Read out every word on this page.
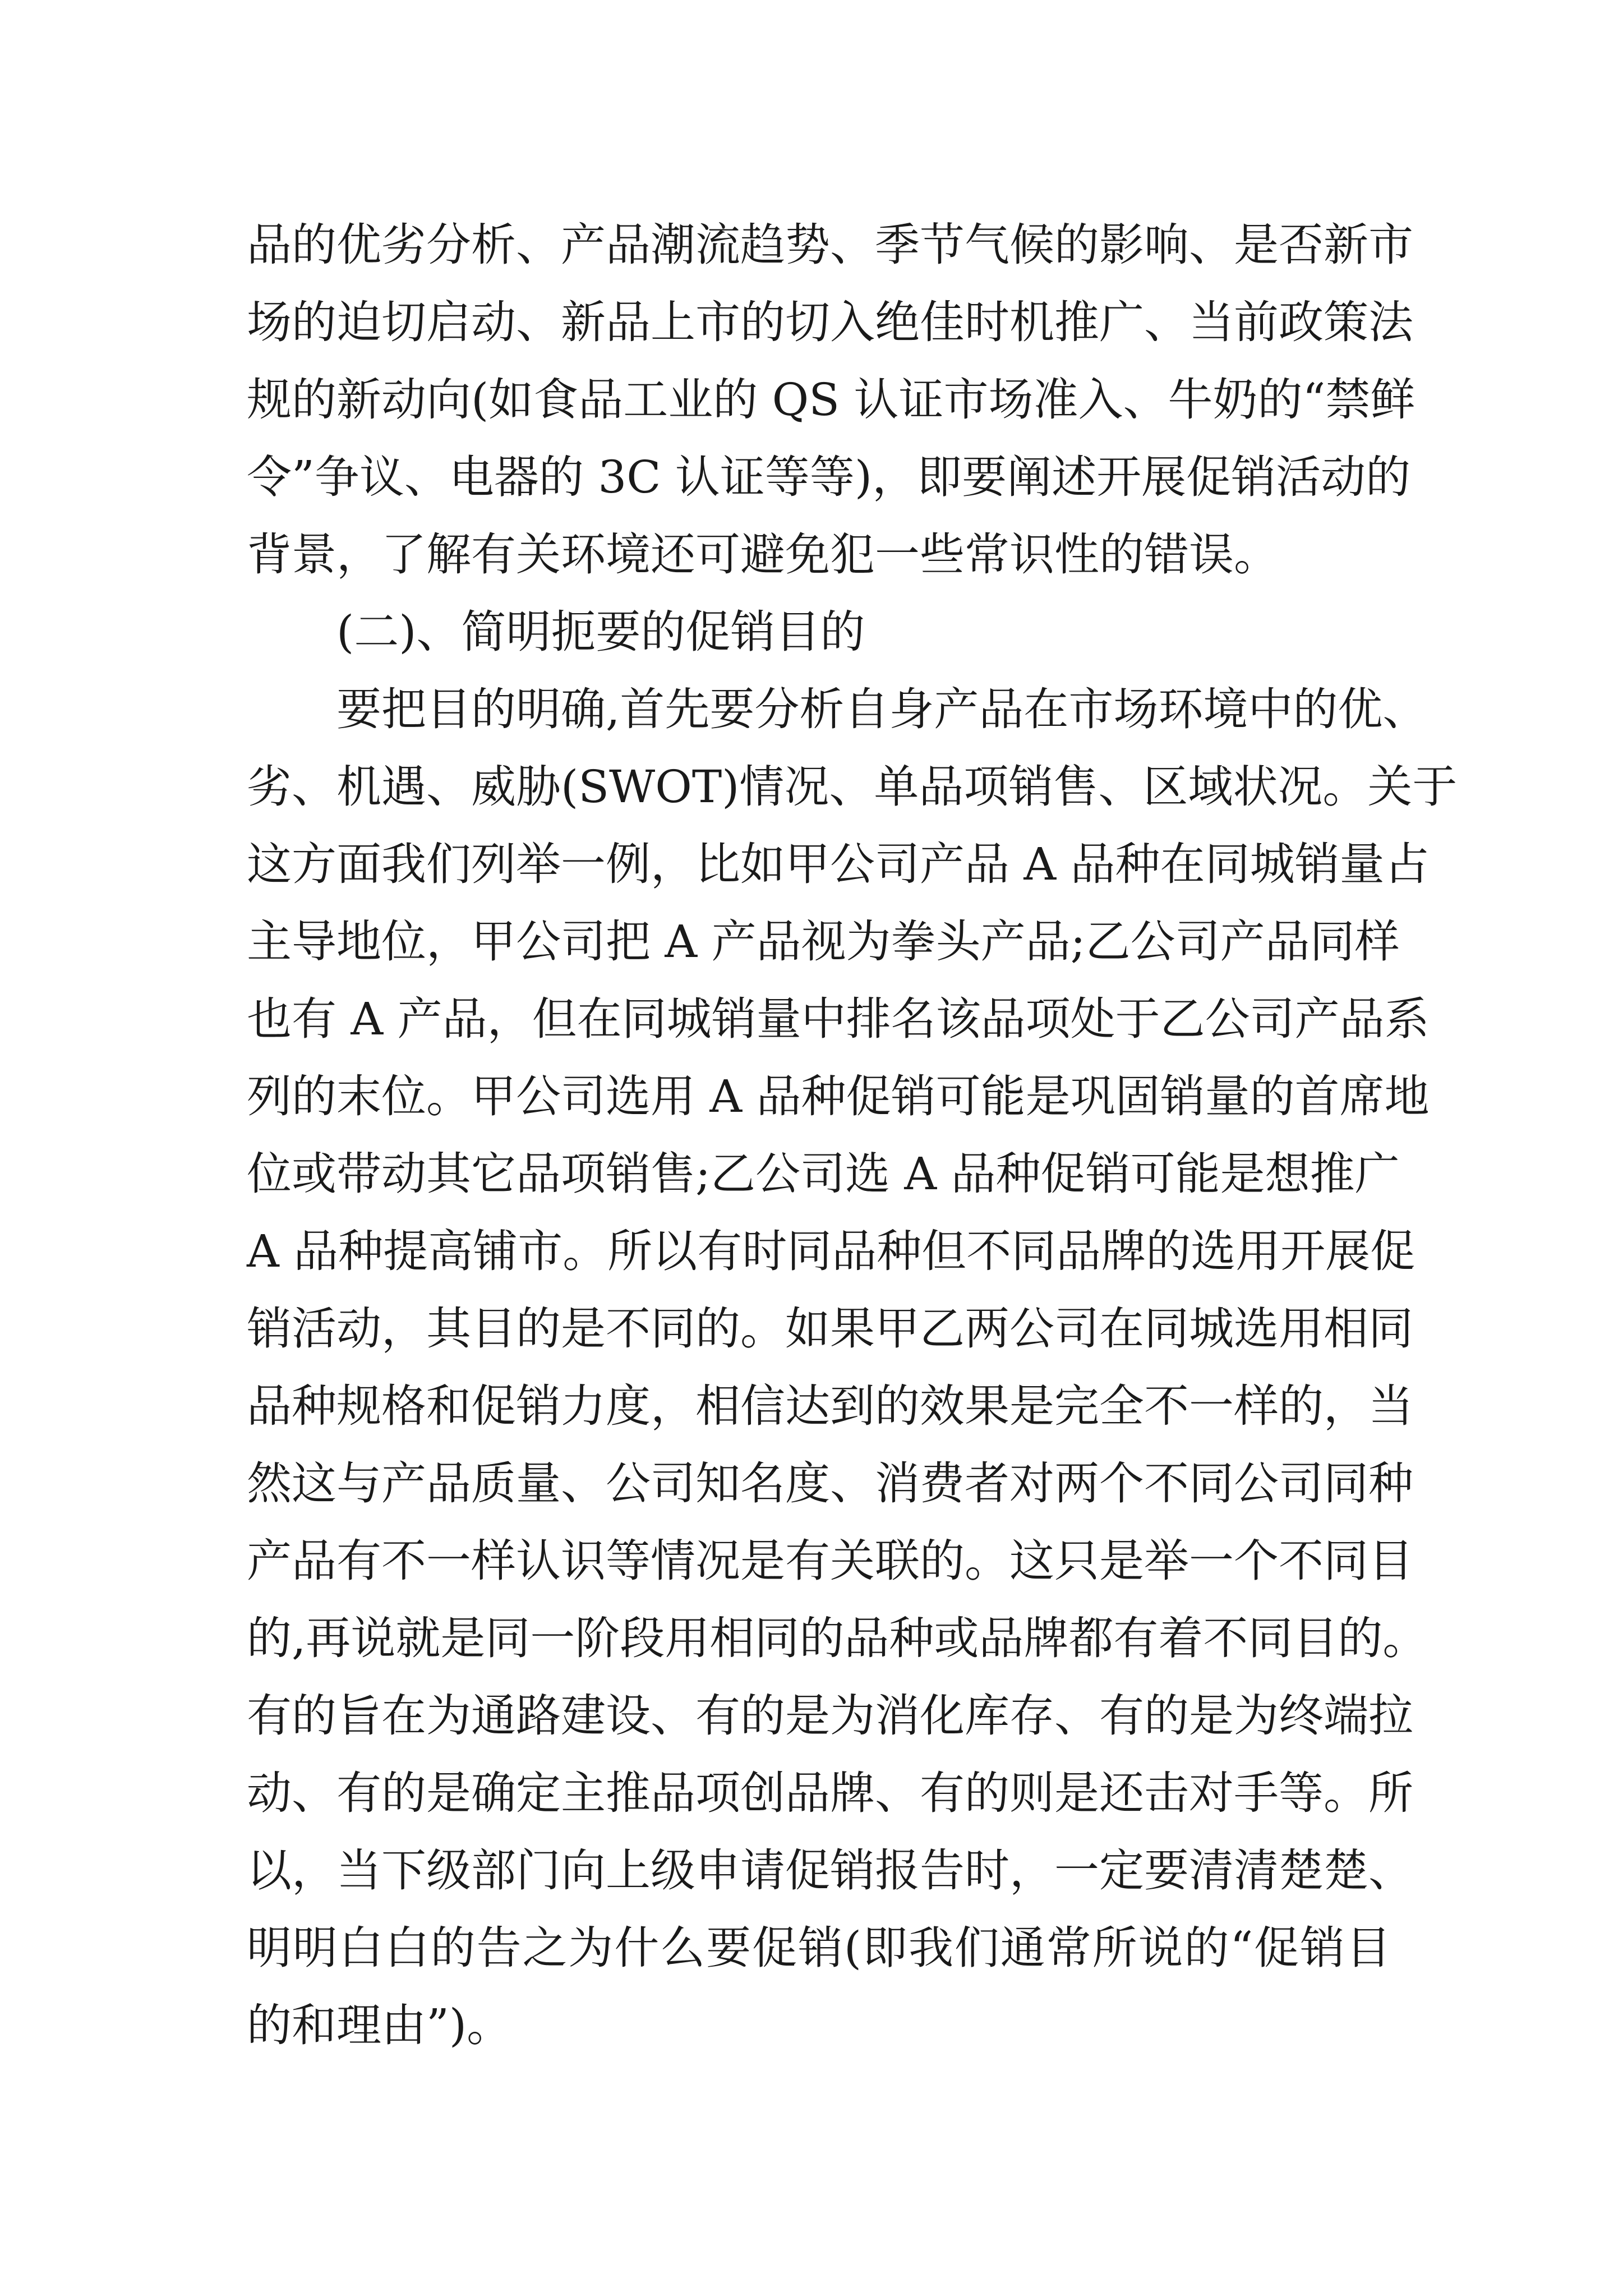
品的优劣分析、产品潮流趋势、季节气候的影响、是否新市
场的迫切启动、新品上市的切入绝佳时机推广、当前政策法
规的新动向(如食品工业的 QS 认证市场准入、牛奶的“禁鲜
令”争议、电器的 3C 认证等等)，即要阐述开展促销活动的
背景，了解有关环境还可避免犯一些常识性的错误。
(二)、简明扼要的促销目的
要把目的明确,首先要分析自身产品在市场环境中的优、
劣、机遇、威胁(SWOT)情况、单品项销售、区域状况。关于
这方面我们列举一例，比如甲公司产品 A 品种在同城销量占
主导地位，甲公司把 A 产品视为拳头产品;乙公司产品同样
也有 A 产品，但在同城销量中排名该品项处于乙公司产品系
列的末位。甲公司选用 A 品种促销可能是巩固销量的首席地
位或带动其它品项销售;乙公司选 A 品种促销可能是想推广
A 品种提高铺市。所以有时同品种但不同品牌的选用开展促
销活动，其目的是不同的。如果甲乙两公司在同城选用相同
品种规格和促销力度，相信达到的效果是完全不一样的，当
然这与产品质量、公司知名度、消费者对两个不同公司同种
产品有不一样认识等情况是有关联的。这只是举一个不同目
的,再说就是同一阶段用相同的品种或品牌都有着不同目的。
有的旨在为通路建设、有的是为消化库存、有的是为终端拉
动、有的是确定主推品项创品牌、有的则是还击对手等。所
以，当下级部门向上级申请促销报告时，一定要清清楚楚、
明明白白的告之为什么要促销(即我们通常所说的“促销目
的和理由”)。
